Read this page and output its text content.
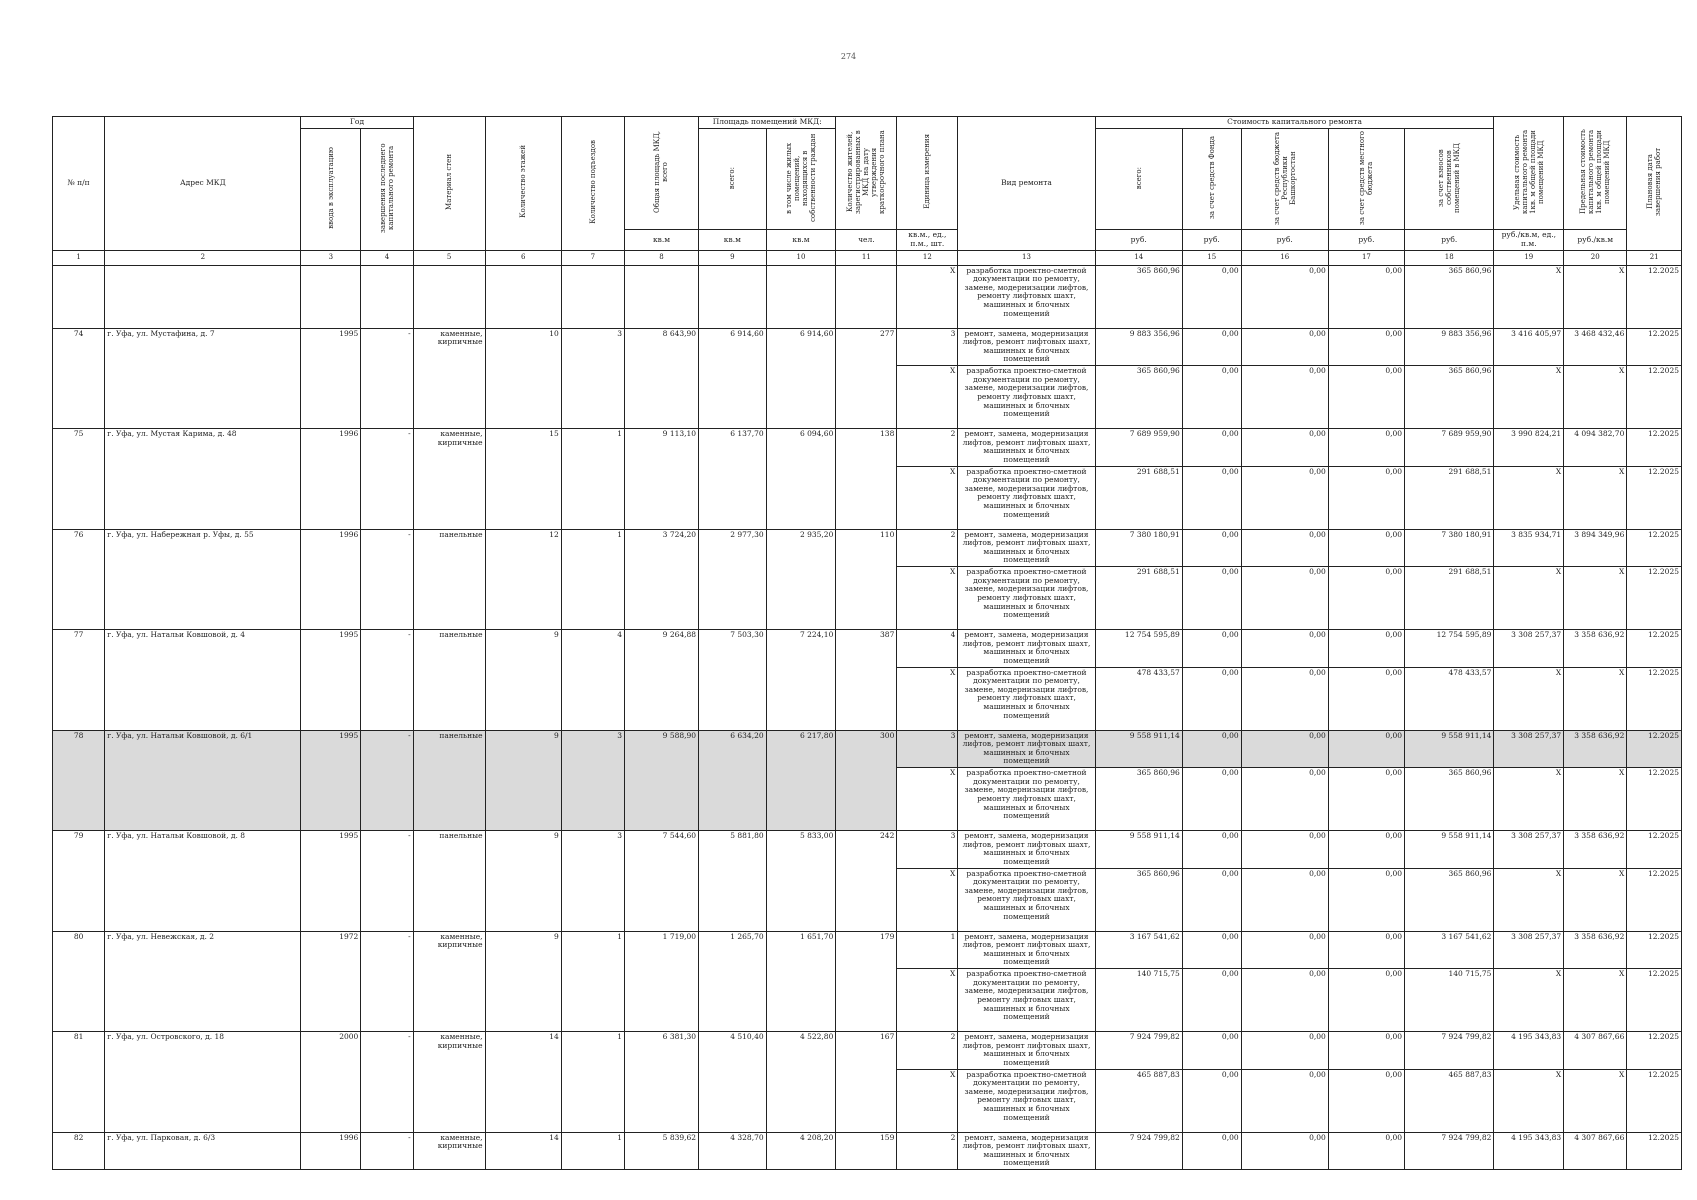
274
№ п/п	Адрес МКД	Год		Материал стен	Количество этажей	Количество подъездов	Общая площадь МКД, всего	Площадь помещений МКД:		Количество жителей, зарегистрированных в МКД на дату утверждения краткосрочного плана	Единица измерения	Вид ремонта	Стоимость капитального ремонта					Удельная стоимость капитального ремонта 1кв. м общей площади помещений МКД	Предельная стоимость капитального ремонта 1кв. м общей площади помещений МКД	Плановая дата завершения работ
		ввода в эксплуатацию	завершения последнего капитального ремонта					всего:	в том числе жилых помещений, находящихся в собственности граждан				всего:	за счет средств Фонда	за счет средств бюджета Республики Башкортостан	за счет средств местного бюджета	за счет взносов собственников помещений в МКД			
							кв.м	кв.м	кв.м	чел.	кв.м., ед., п.м., шт.		руб.	руб.	руб.	руб.	руб.	руб./кв.м, ед., п.м.	руб./кв.м	
1	2	3	4	5	6	7	8	9	10	11	12	13	14	15	16	17	18	19	20	21
											X	разработка проектно-сметной документации по ремонту, замене, модернизации лифтов, ремонту лифтовых шахт, машинных и блочных помещений	365 860,96	0,00	0,00	0,00	365 860,96	X	X	12.2025
74	г. Уфа, ул. Мустафина, д. 7	1995	-	каменные, кирпичные	10	3	8 643,90	6 914,60	6 914,60	277	3	ремонт, замена, модернизация лифтов, ремонт лифтовых шахт, машинных и блочных помещений	9 883 356,96	0,00	0,00	0,00	9 883 356,96	3 416 405,97	3 468 432,46	12.2025
											X	разработка проектно-сметной документации по ремонту, замене, модернизации лифтов, ремонту лифтовых шахт, машинных и блочных помещений	365 860,96	0,00	0,00	0,00	365 860,96	X	X	12.2025
75	г. Уфа, ул. Мустая Карима, д. 48	1996	-	каменные, кирпичные	15	1	9 113,10	6 137,70	6 094,60	138	2	ремонт, замена, модернизация лифтов, ремонт лифтовых шахт, машинных и блочных помещений	7 689 959,90	0,00	0,00	0,00	7 689 959,90	3 990 824,21	4 094 382,70	12.2025
											X	разработка проектно-сметной документации по ремонту, замене, модернизации лифтов, ремонту лифтовых шахт, машинных и блочных помещений	291 688,51	0,00	0,00	0,00	291 688,51	X	X	12.2025
76	г. Уфа, ул. Набережная р. Уфы, д. 55	1996	-	панельные	12	1	3 724,20	2 977,30	2 935,20	110	2	ремонт, замена, модернизация лифтов, ремонт лифтовых шахт, машинных и блочных помещений	7 380 180,91	0,00	0,00	0,00	7 380 180,91	3 835 934,71	3 894 349,96	12.2025
											X	разработка проектно-сметной документации по ремонту, замене, модернизации лифтов, ремонту лифтовых шахт, машинных и блочных помещений	291 688,51	0,00	0,00	0,00	291 688,51	X	X	12.2025
77	г. Уфа, ул. Натальи Ковшовой, д. 4	1995	-	панельные	9	4	9 264,88	7 503,30	7 224,10	387	4	ремонт, замена, модернизация лифтов, ремонт лифтовых шахт, машинных и блочных помещений	12 754 595,89	0,00	0,00	0,00	12 754 595,89	3 308 257,37	3 358 636,92	12.2025
											X	разработка проектно-сметной документации по ремонту, замене, модернизации лифтов, ремонту лифтовых шахт, машинных и блочных помещений	478 433,57	0,00	0,00	0,00	478 433,57	X	X	12.2025
78	г. Уфа, ул. Натальи Ковшовой, д. 6/1	1995	-	панельные	9	3	9 588,90	6 634,20	6 217,80	300	3	ремонт, замена, модернизация лифтов, ремонт лифтовых шахт, машинных и блочных помещений	9 558 911,14	0,00	0,00	0,00	9 558 911,14	3 308 257,37	3 358 636,92	12.2025
											X	разработка проектно-сметной документации по ремонту, замене, модернизации лифтов, ремонту лифтовых шахт, машинных и блочных помещений	365 860,96	0,00	0,00	0,00	365 860,96	X	X	12.2025
79	г. Уфа, ул. Натальи Ковшовой, д. 8	1995	-	панельные	9	3	7 544,60	5 881,80	5 833,00	242	3	ремонт, замена, модернизация лифтов, ремонт лифтовых шахт, машинных и блочных помещений	9 558 911,14	0,00	0,00	0,00	9 558 911,14	3 308 257,37	3 358 636,92	12.2025
											X	разработка проектно-сметной документации по ремонту, замене, модернизации лифтов, ремонту лифтовых шахт, машинных и блочных помещений	365 860,96	0,00	0,00	0,00	365 860,96	X	X	12.2025
80	г. Уфа, ул. Невежская, д. 2	1972	-	каменные, кирпичные	9	1	1 719,00	1 265,70	1 651,70	179	1	ремонт, замена, модернизация лифтов, ремонт лифтовых шахт, машинных и блочных помещений	3 167 541,62	0,00	0,00	0,00	3 167 541,62	3 308 257,37	3 358 636,92	12.2025
											X	разработка проектно-сметной документации по ремонту, замене, модернизации лифтов, ремонту лифтовых шахт, машинных и блочных помещений	140 715,75	0,00	0,00	0,00	140 715,75	X	X	12.2025
81	г. Уфа, ул. Островского, д. 18	2000	-	каменные, кирпичные	14	1	6 381,30	4 510,40	4 522,80	167	2	ремонт, замена, модернизация лифтов, ремонт лифтовых шахт, машинных и блочных помещений	7 924 799,82	0,00	0,00	0,00	7 924 799,82	4 195 343,83	4 307 867,66	12.2025
											X	разработка проектно-сметной документации по ремонту, замене, модернизации лифтов, ремонту лифтовых шахт, машинных и блочных помещений	465 887,83	0,00	0,00	0,00	465 887,83	X	X	12.2025
82	г. Уфа, ул. Парковая, д. 6/3	1996	-	каменные, кирпичные	14	1	5 839,62	4 328,70	4 208,20	159	2	ремонт, замена, модернизация лифтов, ремонт лифтовых шахт, машинных и блочных помещений	7 924 799,82	0,00	0,00	0,00	7 924 799,82	4 195 343,83	4 307 867,66	12.2025
